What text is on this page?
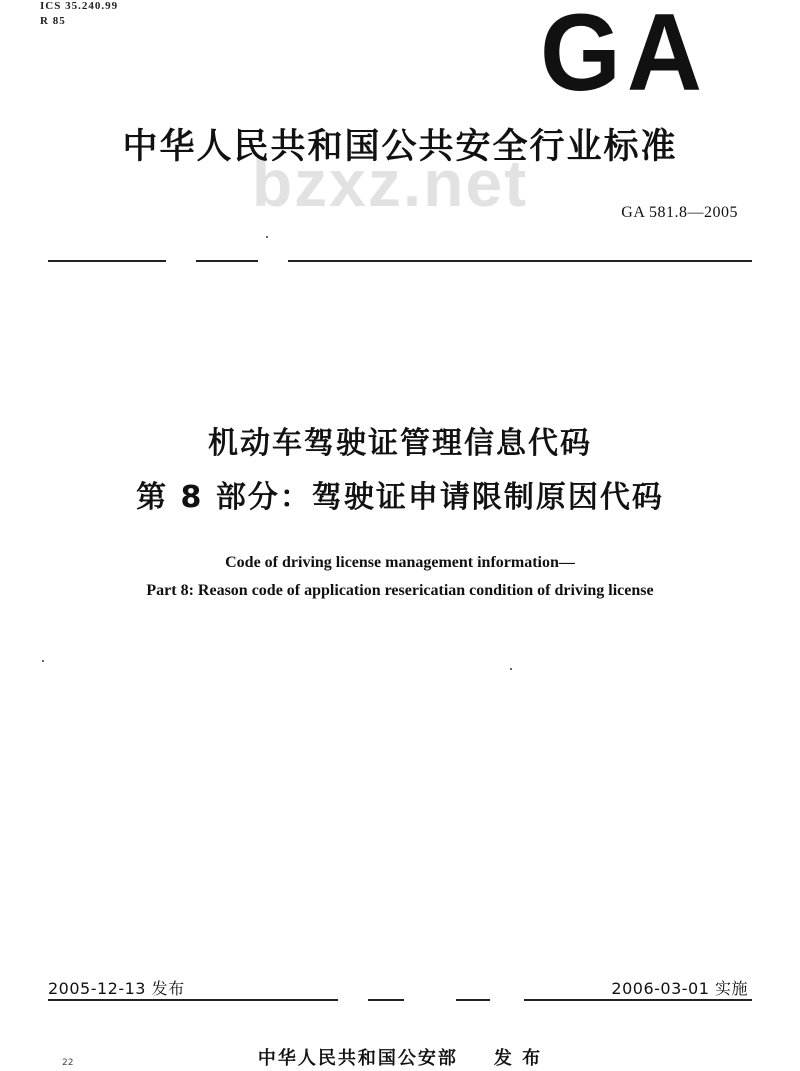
ICS 35.240.99
R 85	GA
bzxz.net
中华人民共和国公共安全行业标准
GA 581.8—2005
机动车驾驶证管理信息代码
第 8 部分：驾驶证申请限制原因代码
Code of driving license management information—
Part 8: Reason code of application resericatian condition of driving license
2005-12-13 发布	2006-03-01 实施
中华人民共和国公安部 发 布
22
